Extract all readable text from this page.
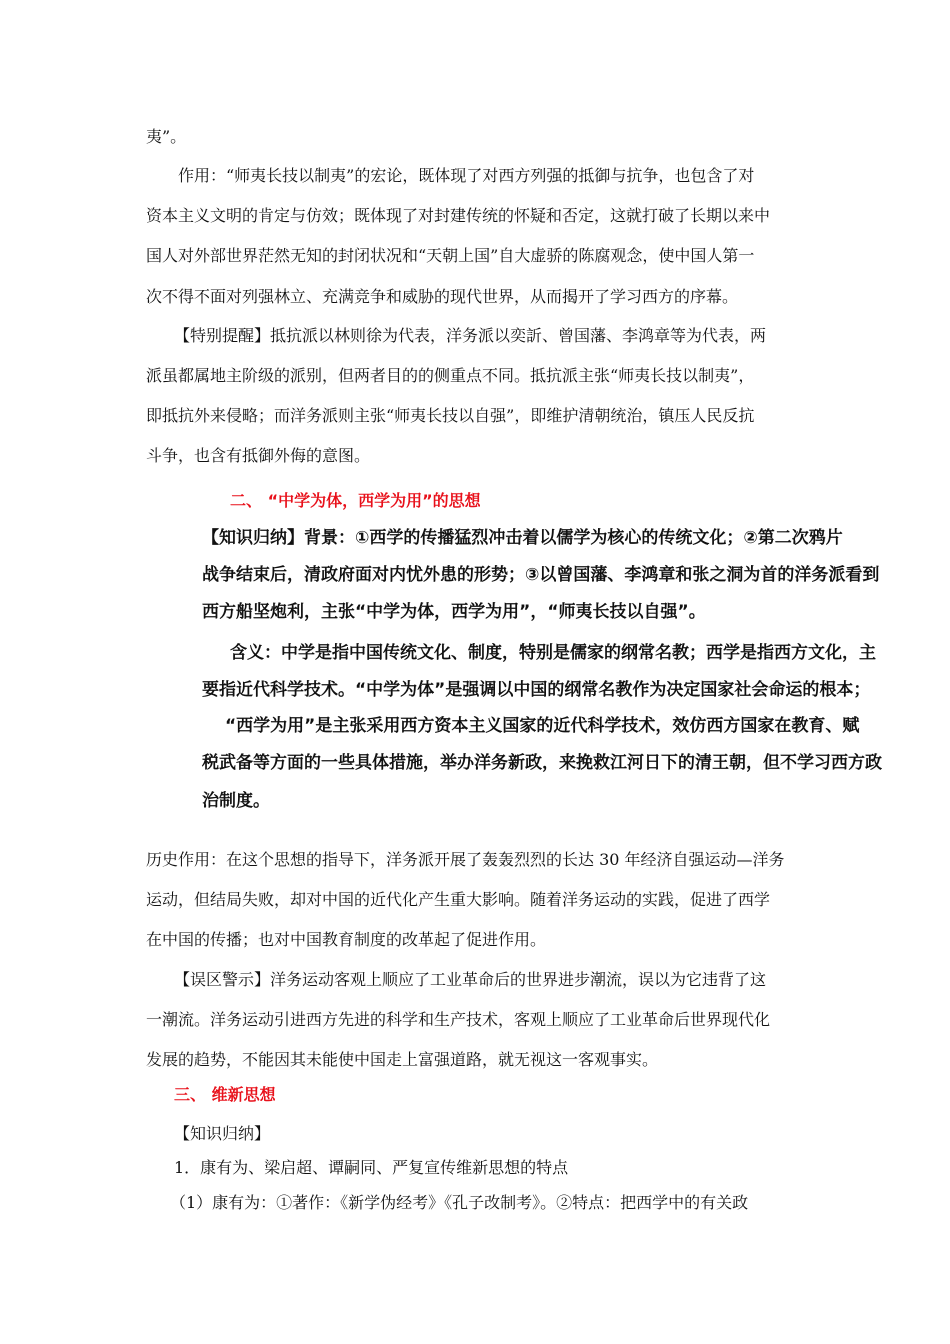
夷”。
作用：“师夷长技以制夷”的宏论，既体现了对西方列强的抵御与抗争，也包含了对
资本主义文明的肯定与仿效；既体现了对封建传统的怀疑和否定，这就打破了长期以来中
国人对外部世界茫然无知的封闭状况和“天朝上国”自大虚骄的陈腐观念，使中国人第一
次不得不面对列强林立、充满竞争和威胁的现代世界，从而揭开了学习西方的序幕。
【特别提醒】抵抗派以林则徐为代表，洋务派以奕訢、曾国藩、李鸿章等为代表，两
派虽都属地主阶级的派别，但两者目的的侧重点不同。抵抗派主张“师夷长技以制夷”，
即抵抗外来侵略；而洋务派则主张“师夷长技以自强”，即维护清朝统治，镇压人民反抗
斗争，也含有抵御外侮的意图。
二、 “中学为体，西学为用”的思想
【知识归纳】背景：①西学的传播猛烈冲击着以儒学为核心的传统文化；②第二次鸦片
战争结束后，清政府面对内忧外患的形势；③以曾国藩、李鸿章和张之洞为首的洋务派看到
西方船坚炮利，主张“中学为体，西学为用”，“师夷长技以自强”。
含义：中学是指中国传统文化、制度，特别是儒家的纲常名教；西学是指西方文化，主
要指近代科学技术。“中学为体”是强调以中国的纲常名教作为决定国家社会命运的根本；
“西学为用”是主张采用西方资本主义国家的近代科学技术，效仿西方国家在教育、赋
税武备等方面的一些具体措施，举办洋务新政，来挽救江河日下的清王朝，但不学习西方政
治制度。
历史作用：在这个思想的指导下，洋务派开展了轰轰烈烈的长达 30 年经济自强运动—洋务
运动，但结局失败，却对中国的近代化产生重大影响。随着洋务运动的实践，促进了西学
在中国的传播；也对中国教育制度的改革起了促进作用。
【误区警示】洋务运动客观上顺应了工业革命后的世界进步潮流，误以为它违背了这
一潮流。洋务运动引进西方先进的科学和生产技术，客观上顺应了工业革命后世界现代化
发展的趋势，不能因其未能使中国走上富强道路，就无视这一客观事实。
三、 维新思想
【知识归纳】
1．康有为、梁启超、谭嗣同、严复宣传维新思想的特点
（1）康有为：①著作：《新学伪经考》《孔子改制考》。②特点：把西学中的有关政
